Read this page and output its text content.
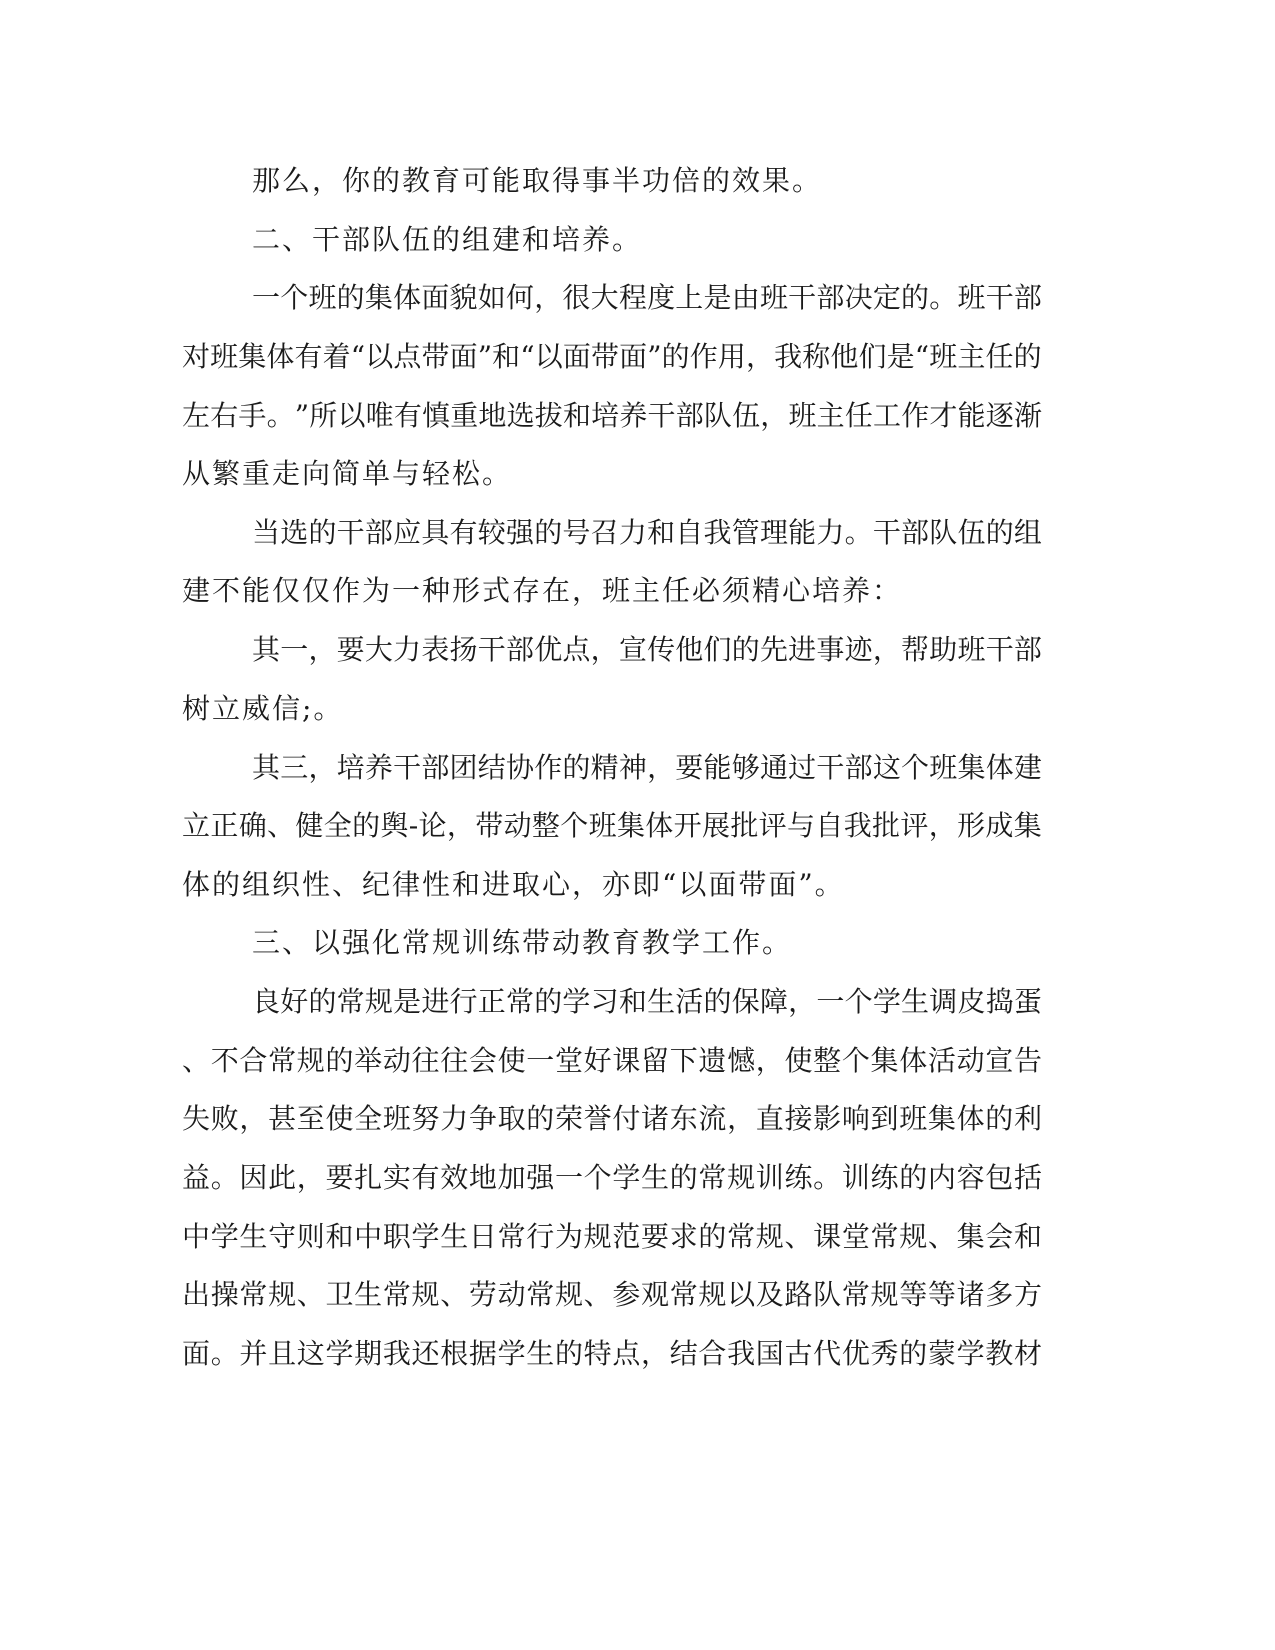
那么，你的教育可能取得事半功倍的效果。
二、干部队伍的组建和培养。
一 个 班 的 集 体 面 貌 如 何 ， 很 大 程 度 上 是 由 班 干 部 决 定 的 。 班 干 部
对 班 集 体 有 着 “ 以 点 带 面 ” 和 “ 以 面 带 面 ” 的 作 用 ， 我 称 他 们 是 “ 班 主 任 的
左 右 手 。 ” 所 以 唯 有 慎 重 地 选 拔 和 培 养 干 部 队 伍 ， 班 主 任 工 作 才 能 逐 渐
从繁重走向简单与轻松。
当 选 的 干 部 应 具 有 较 强 的 号 召 力 和 自 我 管 理 能 力 。 干 部 队 伍 的 组
建不能仅仅作为一种形式存在，班主任必须精心培养：
其 一 ， 要 大 力 表 扬 干 部 优 点 ， 宣 传 他 们 的 先 进 事 迹 ， 帮 助 班 干 部
树立威信;。
其 三 ， 培 养 干 部 团 结 协 作 的 精 神 ， 要 能 够 通 过 干 部 这 个 班 集 体 建
立 正 确 、 健 全 的 舆 - 论 ， 带 动 整 个 班 集 体 开 展 批 评 与 自 我 批 评 ， 形 成 集
体的组织性、纪律性和进取心，亦即“以面带面”。
三、以强化常规训练带动教育教学工作。
良 好 的 常 规 是 进 行 正 常 的 学 习 和 生 活 的 保 障 ， 一 个 学 生 调 皮 捣 蛋
、 不 合 常 规 的 举 动 往 往 会 使 一 堂 好 课 留 下 遗 憾 ， 使 整 个 集 体 活 动 宣 告
失 败 ， 甚 至 使 全 班 努 力 争 取 的 荣 誉 付 诸 东 流 ， 直 接 影 响 到 班 集 体 的 利
益 。 因 此 ， 要 扎 实 有 效 地 加 强 一 个 学 生 的 常 规 训 练 。 训 练 的 内 容 包 括
中 学 生 守 则 和 中 职 学 生 日 常 行 为 规 范 要 求 的 常 规 、 课 堂 常 规 、 集 会 和
出 操 常 规 、 卫 生 常 规 、 劳 动 常 规 、 参 观 常 规 以 及 路 队 常 规 等 等 诸 多 方
面 。 并 且 这 学 期 我 还 根 据 学 生 的 特 点 ， 结 合 我 国 古 代 优 秀 的 蒙 学 教 材
